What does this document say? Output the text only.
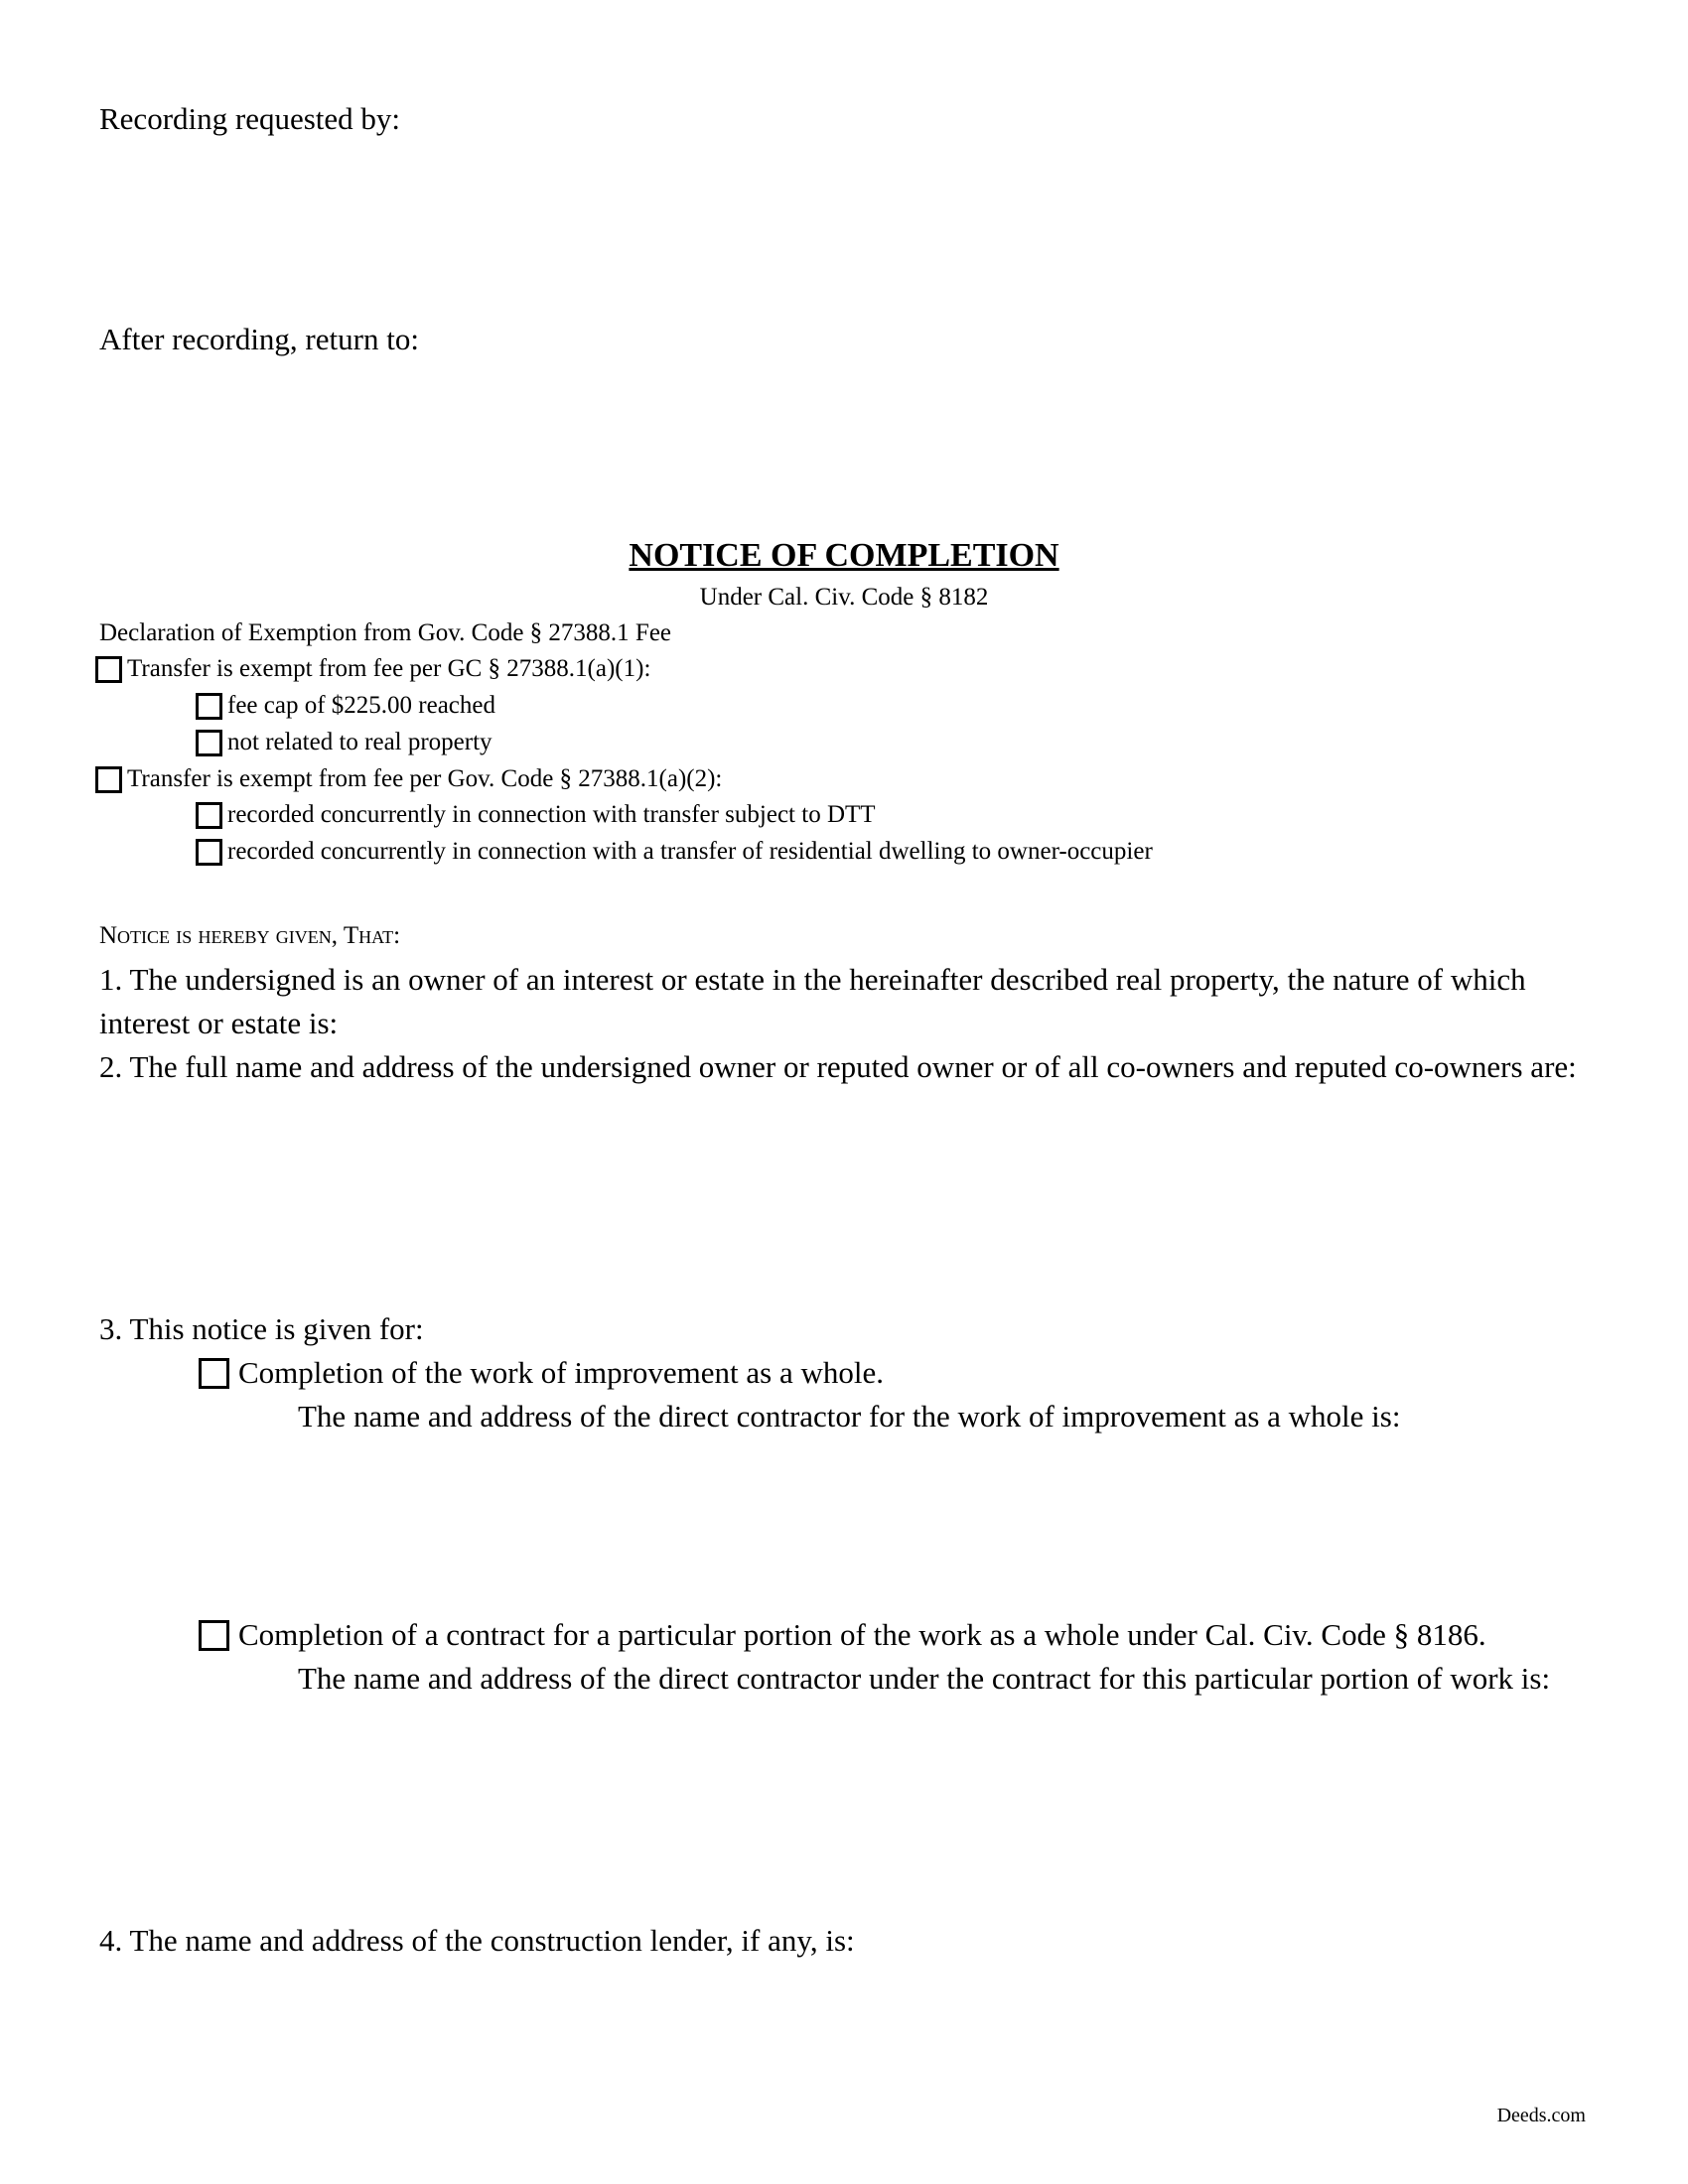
Recording requested by:
After recording, return to:
NOTICE OF COMPLETION
Under Cal. Civ. Code § 8182
Declaration of Exemption from Gov. Code § 27388.1 Fee
Transfer is exempt from fee per GC § 27388.1(a)(1):
fee cap of $225.00 reached
not related to real property
Transfer is exempt from fee per Gov. Code § 27388.1(a)(2):
recorded concurrently in connection with transfer subject to DTT
recorded concurrently in connection with a transfer of residential dwelling to owner-occupier
Notice is hereby given, That:
1. The undersigned is an owner of an interest or estate in the hereinafter described real property, the nature of which interest or estate is:
2. The full name and address of the undersigned owner or reputed owner or of all co-owners and reputed co-owners are:
3. This notice is given for:
Completion of the work of improvement as a whole.
The name and address of the direct contractor for the work of improvement as a whole is:
Completion of a contract for a particular portion of the work as a whole under Cal. Civ. Code § 8186.
The name and address of the direct contractor under the contract for this particular portion of work is:
4. The name and address of the construction lender, if any, is:
Deeds.com
